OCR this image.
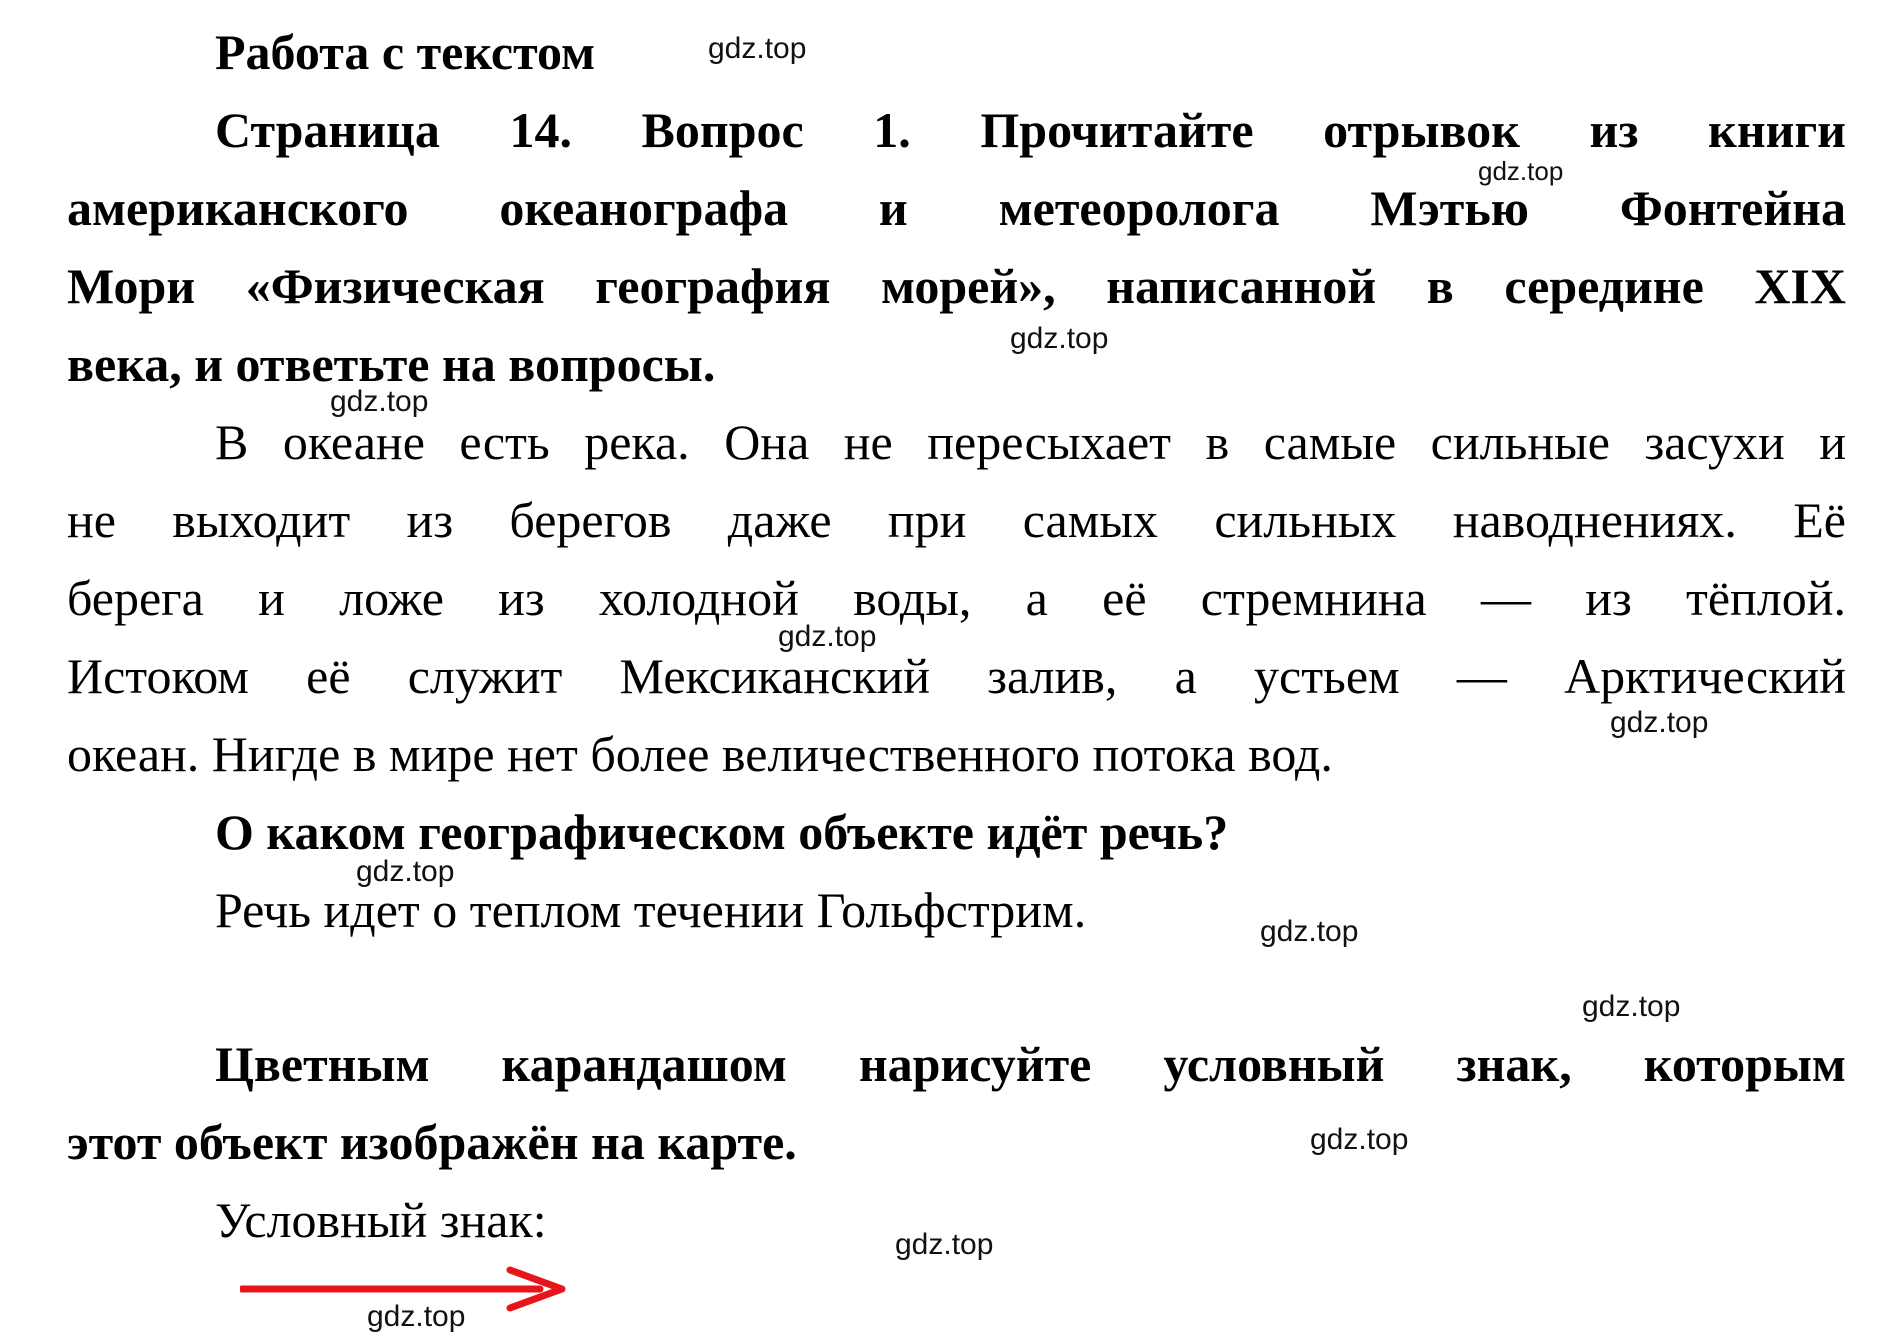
Работа с текстом
Страница 14. Вопрос 1. Прочитайте отрывок из книги
американского океанографа и метеоролога Мэтью Фонтейна
Мори «Физическая география морей», написанной в середине XIX
века, и ответьте на вопросы.
В океане есть река. Она не пересыхает в самые сильные засухи и
не выходит из берегов даже при самых сильных наводнениях. Её
берега и ложе из холодной воды, а её стремнина — из тёплой.
Истоком её служит Мексиканский залив, а устьем — Арктический
океан. Нигде в мире нет более величественного потока вод.
О каком географическом объекте идёт речь?
Речь идет о теплом течении Гольфстрим.
Цветным карандашом нарисуйте условный знак, которым
этот объект изображён на карте.
Условный знак:
gdz.top
gdz.top
gdz.top
gdz.top
gdz.top
gdz.top
gdz.top
gdz.top
gdz.top
gdz.top
gdz.top
gdz.top
